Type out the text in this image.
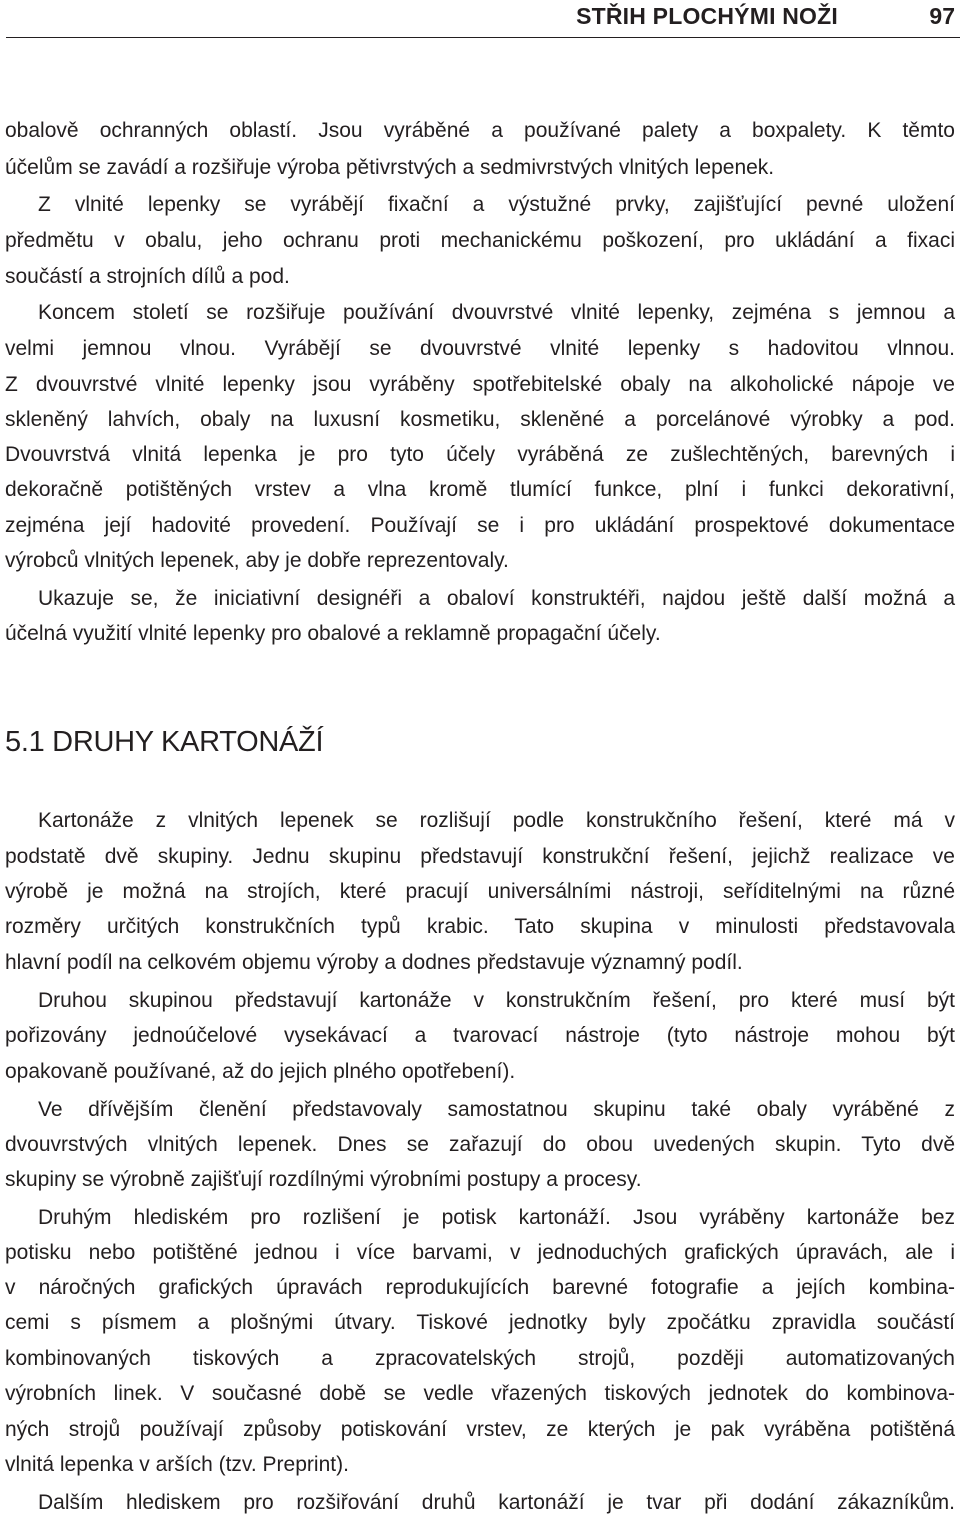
STŘIH PLOCHÝMI NOŽI	97
obalově ochranných oblastí. Jsou vyráběné a používané palety a boxpalety. K těmto
účelům se zavádí a rozšiřuje výroba pětivrstvých a sedmivrstvých vlnitých lepenek.
Z vlnité lepenky se vyrábějí fixační a výstužné prvky, zajišťující pevné uložení
předmětu v obalu, jeho ochranu proti mechanickému poškození, pro ukládání a fixaci
součástí a strojních dílů a pod.
Koncem století se rozšiřuje používání dvouvrstvé vlnité lepenky, zejména s jemnou a
velmi jemnou vlnou. Vyrábějí se dvouvrstvé vlnité lepenky s hadovitou vlnnou.
Z dvouvrstvé vlnité lepenky jsou vyráběny spotřebitelské obaly na alkoholické nápoje ve
skleněný lahvích, obaly na luxusní kosmetiku, skleněné a porcelánové výrobky a pod.
Dvouvrstvá vlnitá lepenka je pro tyto účely vyráběná ze zušlechtěných, barevných i
dekoračně potištěných vrstev a vlna kromě tlumící funkce, plní i funkci dekorativní,
zejména její hadovité provedení. Používají se i pro ukládání prospektové dokumentace
výrobců vlnitých lepenek, aby je dobře reprezentovaly.
Ukazuje se, že iniciativní designéři a obaloví konstruktéři, najdou ještě další možná a
účelná využití vlnité lepenky pro obalové a reklamně propagační účely.
5.1 DRUHY KARTONÁŽÍ
Kartonáže z vlnitých lepenek se rozlišují podle konstrukčního řešení, které má v
podstatě dvě skupiny. Jednu skupinu představují konstrukční řešení, jejichž realizace ve
výrobě je možná na strojích, které pracují universálními nástroji, seříditelnými na různé
rozměry určitých konstrukčních typů krabic. Tato skupina v minulosti představovala
hlavní podíl na celkovém objemu výroby a dodnes představuje významný podíl.
Druhou skupinou představují kartonáže v konstrukčním řešení, pro které musí být
pořizovány jednoúčelové vysekávací a tvarovací nástroje (tyto nástroje mohou být
opakovaně používané, až do jejich plného opotřebení).
Ve dřívějším členění představovaly samostatnou skupinu také obaly vyráběné z
dvouvrstvých vlnitých lepenek. Dnes se zařazují do obou uvedených skupin. Tyto dvě
skupiny se výrobně zajišťují rozdílnými výrobními postupy a procesy.
Druhým hlediském pro rozlišení je potisk kartonáží. Jsou vyráběny kartonáže bez
potisku nebo potištěné jednou i více barvami, v jednoduchých grafických úpravách, ale i
v náročných grafických úpravách reprodukujících barevné fotografie a jejích kombina-
cemi s písmem a plošnými útvary. Tiskové jednotky byly zpočátku zpravidla součástí
kombinovaných tiskových a zpracovatelských strojů, později automatizovaných
výrobních linek. V současné době se vedle vřazených tiskových jednotek do kombinova-
ných strojů používají způsoby potiskování vrstev, ze kterých je pak vyráběna potištěná
vlnitá lepenka v arších (tzv. Preprint).
Dalším hlediskem pro rozšiřování druhů kartonáží je tvar při dodání zákazníkům.
